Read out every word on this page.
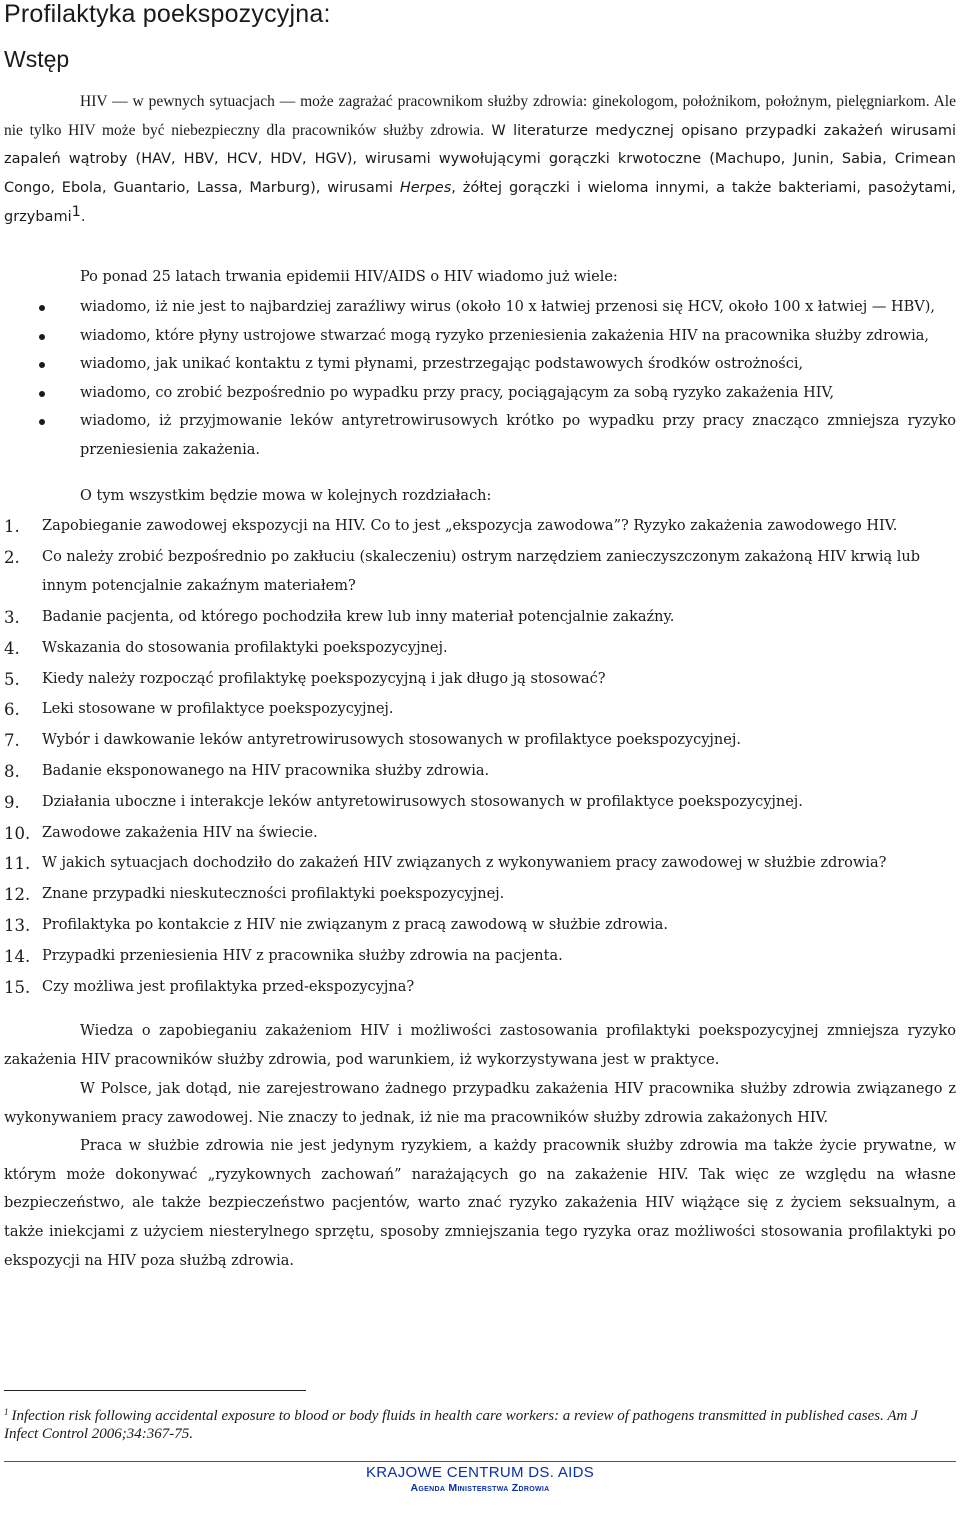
Profilaktyka poekspozycyjna:
Wstęp

HIV — w pewnych sytuacjach — może zagrażać pracownikom służby zdrowia: ginekologom, położnikom, położnym, pielęgniarkom. Ale nie tylko HIV może być niebezpieczny dla pracowników służby zdrowia. W literaturze medycznej opisano przypadki zakażeń wirusami zapaleń wątroby (HAV, HBV, HCV, HDV, HGV), wirusami wywołującymi gorączki krwotoczne (Machupo, Junin, Sabia, Crimean Congo, Ebola, Guantario, Lassa, Marburg), wirusami Herpes, żółtej gorączki i wieloma innymi, a także bakteriami, pasożytami, grzybami$^1$.

Po ponad 25 latach trwania epidemii HIV/AIDS o HIV wiadomo już wiele:

wiadomo, iż nie jest to najbardziej zaraźliwy wirus (około 10 x łatwiej przenosi się HCV, około 100 x łatwiej — HBV),
wiadomo, które płyny ustrojowe stwarzać mogą ryzyko przeniesienia zakażenia HIV na pracownika służby zdrowia,
wiadomo, jak unikać kontaktu z tymi płynami, przestrzegając podstawowych środków ostrożności,
wiadomo, co zrobić bezpośrednio po wypadku przy pracy, pociągającym za sobą ryzyko zakażenia HIV,
wiadomo, iż przyjmowanie leków antyretrowirusowych krótko po wypadku przy pracy znacząco zmniejsza ryzyko przeniesienia zakażenia.

O tym wszystkim będzie mowa w kolejnych rozdziałach:

1. Zapobieganie zawodowej ekspozycji na HIV. Co to jest „ekspozycja zawodowa”? Ryzyko zakażenia zawodowego HIV.
2. Co należy zrobić bezpośrednio po zakłuciu (skaleczeniu) ostrym narzędziem zanieczyszczonym zakażoną HIV krwią lub innym potencjalnie zakaźnym materiałem?
3. Badanie pacjenta, od którego pochodziła krew lub inny materiał potencjalnie zakaźny.
4. Wskazania do stosowania profilaktyki poekspozycyjnej.
5. Kiedy należy rozpocząć profilaktykę poekspozycyjną i jak długo ją stosować?
6. Leki stosowane w profilaktyce poekspozycyjnej.
7. Wybór i dawkowanie leków antyretrowirusowych stosowanych w profilaktyce poekspozycyjnej.
8. Badanie eksponowanego na HIV pracownika służby zdrowia.
9. Działania uboczne i interakcje leków antyretowirusowych stosowanych w profilaktyce poekspozycyjnej.
10. Zawodowe zakażenia HIV na świecie.
11. W jakich sytuacjach dochodziło do zakażeń HIV związanych z wykonywaniem pracy zawodowej w służbie zdrowia?
12. Znane przypadki nieskuteczności profilaktyki poekspozycyjnej.
13. Profilaktyka po kontakcie z HIV nie związanym z pracą zawodową w służbie zdrowia.
14. Przypadki przeniesienia HIV z pracownika służby zdrowia na pacjenta.
15. Czy możliwa jest profilaktyka przed-ekspozycyjna?

Wiedza o zapobieganiu zakażeniom HIV i możliwości zastosowania profilaktyki poekspozycyjnej zmniejsza ryzyko zakażenia HIV pracowników służby zdrowia, pod warunkiem, iż wykorzystywana jest w praktyce.

W Polsce, jak dotąd, nie zarejestrowano żadnego przypadku zakażenia HIV pracownika służby zdrowia związanego z wykonywaniem pracy zawodowej. Nie znaczy to jednak, iż nie ma pracowników służby zdrowia zakażonych HIV.

Praca w służbie zdrowia nie jest jedynym ryzykiem, a każdy pracownik służby zdrowia ma także życie prywatne, w którym może dokonywać „ryzykownych zachowań” narażających go na zakażenie HIV. Tak więc ze względu na własne bezpieczeństwo, ale także bezpieczeństwo pacjentów, warto znać ryzyko zakażenia HIV wiążące się z życiem seksualnym, a także iniekcjami z użyciem niesterylnego sprzętu, sposoby zmniejszania tego ryzyka oraz możliwości stosowania profilaktyki po ekspozycji na HIV poza służbą zdrowia.

$^1$ Infection risk following accidental exposure to blood or body fluids in health care workers: a review of pathogens transmitted in published cases. Am J Infect Control 2006;34:367-75.

KRAJOWE CENTRUM DS. AIDS
Agenda Ministerstwa Zdrowia
